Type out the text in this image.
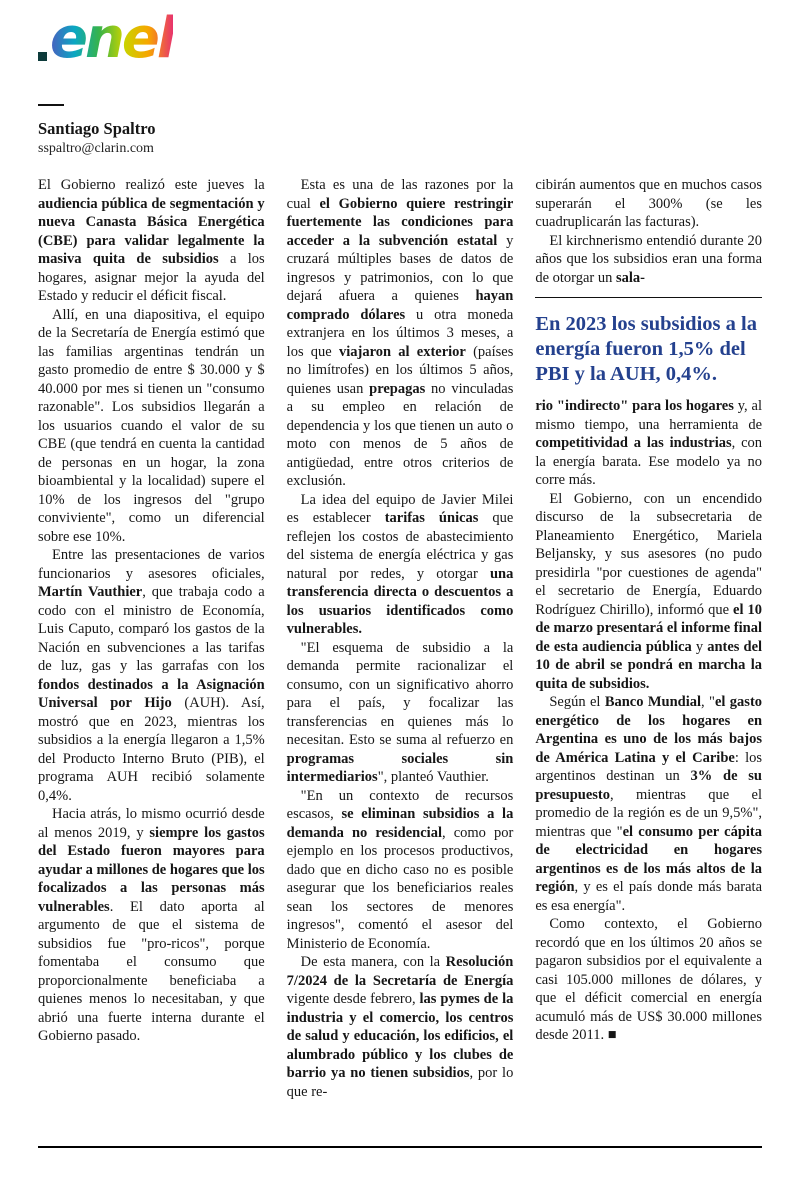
enel
Santiago Spaltro
sspaltro@clarin.com

El Gobierno realizó este jueves la audiencia pública de segmentación y nueva Canasta Básica Energética (CBE) para validar legalmente la masiva quita de subsidios a los hogares, asignar mejor la ayuda del Estado y reducir el déficit fiscal.

Allí, en una diapositiva, el equipo de la Secretaría de Energía estimó que las familias argentinas tendrán un gasto promedio de entre $ 30.000 y $ 40.000 por mes si tienen un "consumo razonable". Los subsidios llegarán a los usuarios cuando el valor de su CBE (que tendrá en cuenta la cantidad de personas en un hogar, la zona bioambiental y la localidad) supere el 10% de los ingresos del "grupo conviviente", como un diferencial sobre ese 10%.

Entre las presentaciones de varios funcionarios y asesores oficiales, Martín Vauthier, que trabaja codo a codo con el ministro de Economía, Luis Caputo, comparó los gastos de la Nación en subvenciones a las tarifas de luz, gas y las garrafas con los fondos destinados a la Asignación Universal por Hijo (AUH). Así, mostró que en 2023, mientras los subsidios a la energía llegaron a 1,5% del Producto Interno Bruto (PIB), el programa AUH recibió solamente 0,4%.

Hacia atrás, lo mismo ocurrió desde al menos 2019, y siempre los gastos del Estado fueron mayores para ayudar a millones de hogares que los focalizados a las personas más vulnerables. El dato aporta al argumento de que el sistema de subsidios fue "pro-ricos", porque fomentaba el consumo que proporcionalmente beneficiaba a quienes menos lo necesitaban, y que abrió una fuerte interna durante el Gobierno pasado.

Esta es una de las razones por la cual el Gobierno quiere restringir fuertemente las condiciones para acceder a la subvención estatal y cruzará múltiples bases de datos de ingresos y patrimonios, con lo que dejará afuera a quienes hayan comprado dólares u otra moneda extranjera en los últimos 3 meses, a los que viajaron al exterior (países no limítrofes) en los últimos 5 años, quienes usan prepagas no vinculadas a su empleo en relación de dependencia y los que tienen un auto o moto con menos de 5 años de antigüedad, entre otros criterios de exclusión.

La idea del equipo de Javier Milei es establecer tarifas únicas que reflejen los costos de abastecimiento del sistema de energía eléctrica y gas natural por redes, y otorgar una transferencia directa o descuentos a los usuarios identificados como vulnerables.

"El esquema de subsidio a la demanda permite racionalizar el consumo, con un significativo ahorro para el país, y focalizar las transferencias en quienes más lo necesitan. Esto se suma al refuerzo en programas sociales sin intermediarios", planteó Vauthier.

"En un contexto de recursos escasos, se eliminan subsidios a la demanda no residencial, como por ejemplo en los procesos productivos, dado que en dicho caso no es posible asegurar que los beneficiarios reales sean los sectores de menores ingresos", comentó el asesor del Ministerio de Economía.

De esta manera, con la Resolución 7/2024 de la Secretaría de Energía vigente desde febrero, las pymes de la industria y el comercio, los centros de salud y educación, los edificios, el alumbrado público y los clubes de barrio ya no tienen subsidios, por lo que re-

cibirán aumentos que en muchos casos superarán el 300% (se les cuadruplicarán las facturas).

El kirchnerismo entendió durante 20 años que los subsidios eran una forma de otorgar un sala-

En 2023 los subsidios a la energía fueron 1,5% del PBI y la AUH, 0,4%.

rio "indirecto" para los hogares y, al mismo tiempo, una herramienta de competitividad a las industrias, con la energía barata. Ese modelo ya no corre más.

El Gobierno, con un encendido discurso de la subsecretaria de Planeamiento Energético, Mariela Beljansky, y sus asesores (no pudo presidirla "por cuestiones de agenda" el secretario de Energía, Eduardo Rodríguez Chirillo), informó que el 10 de marzo presentará el informe final de esta audiencia pública y antes del 10 de abril se pondrá en marcha la quita de subsidios.

Según el Banco Mundial, "el gasto energético de los hogares en Argentina es uno de los más bajos de América Latina y el Caribe: los argentinos destinan un 3% de su presupuesto, mientras que el promedio de la región es de un 9,5%", mientras que "el consumo per cápita de electricidad en hogares argentinos es de los más altos de la región, y es el país donde más barata es esa energía".

Como contexto, el Gobierno recordó que en los últimos 20 años se pagaron subsidios por el equivalente a casi 105.000 millones de dólares, y que el déficit comercial en energía acumuló más de US$ 30.000 millones desde 2011. ■
